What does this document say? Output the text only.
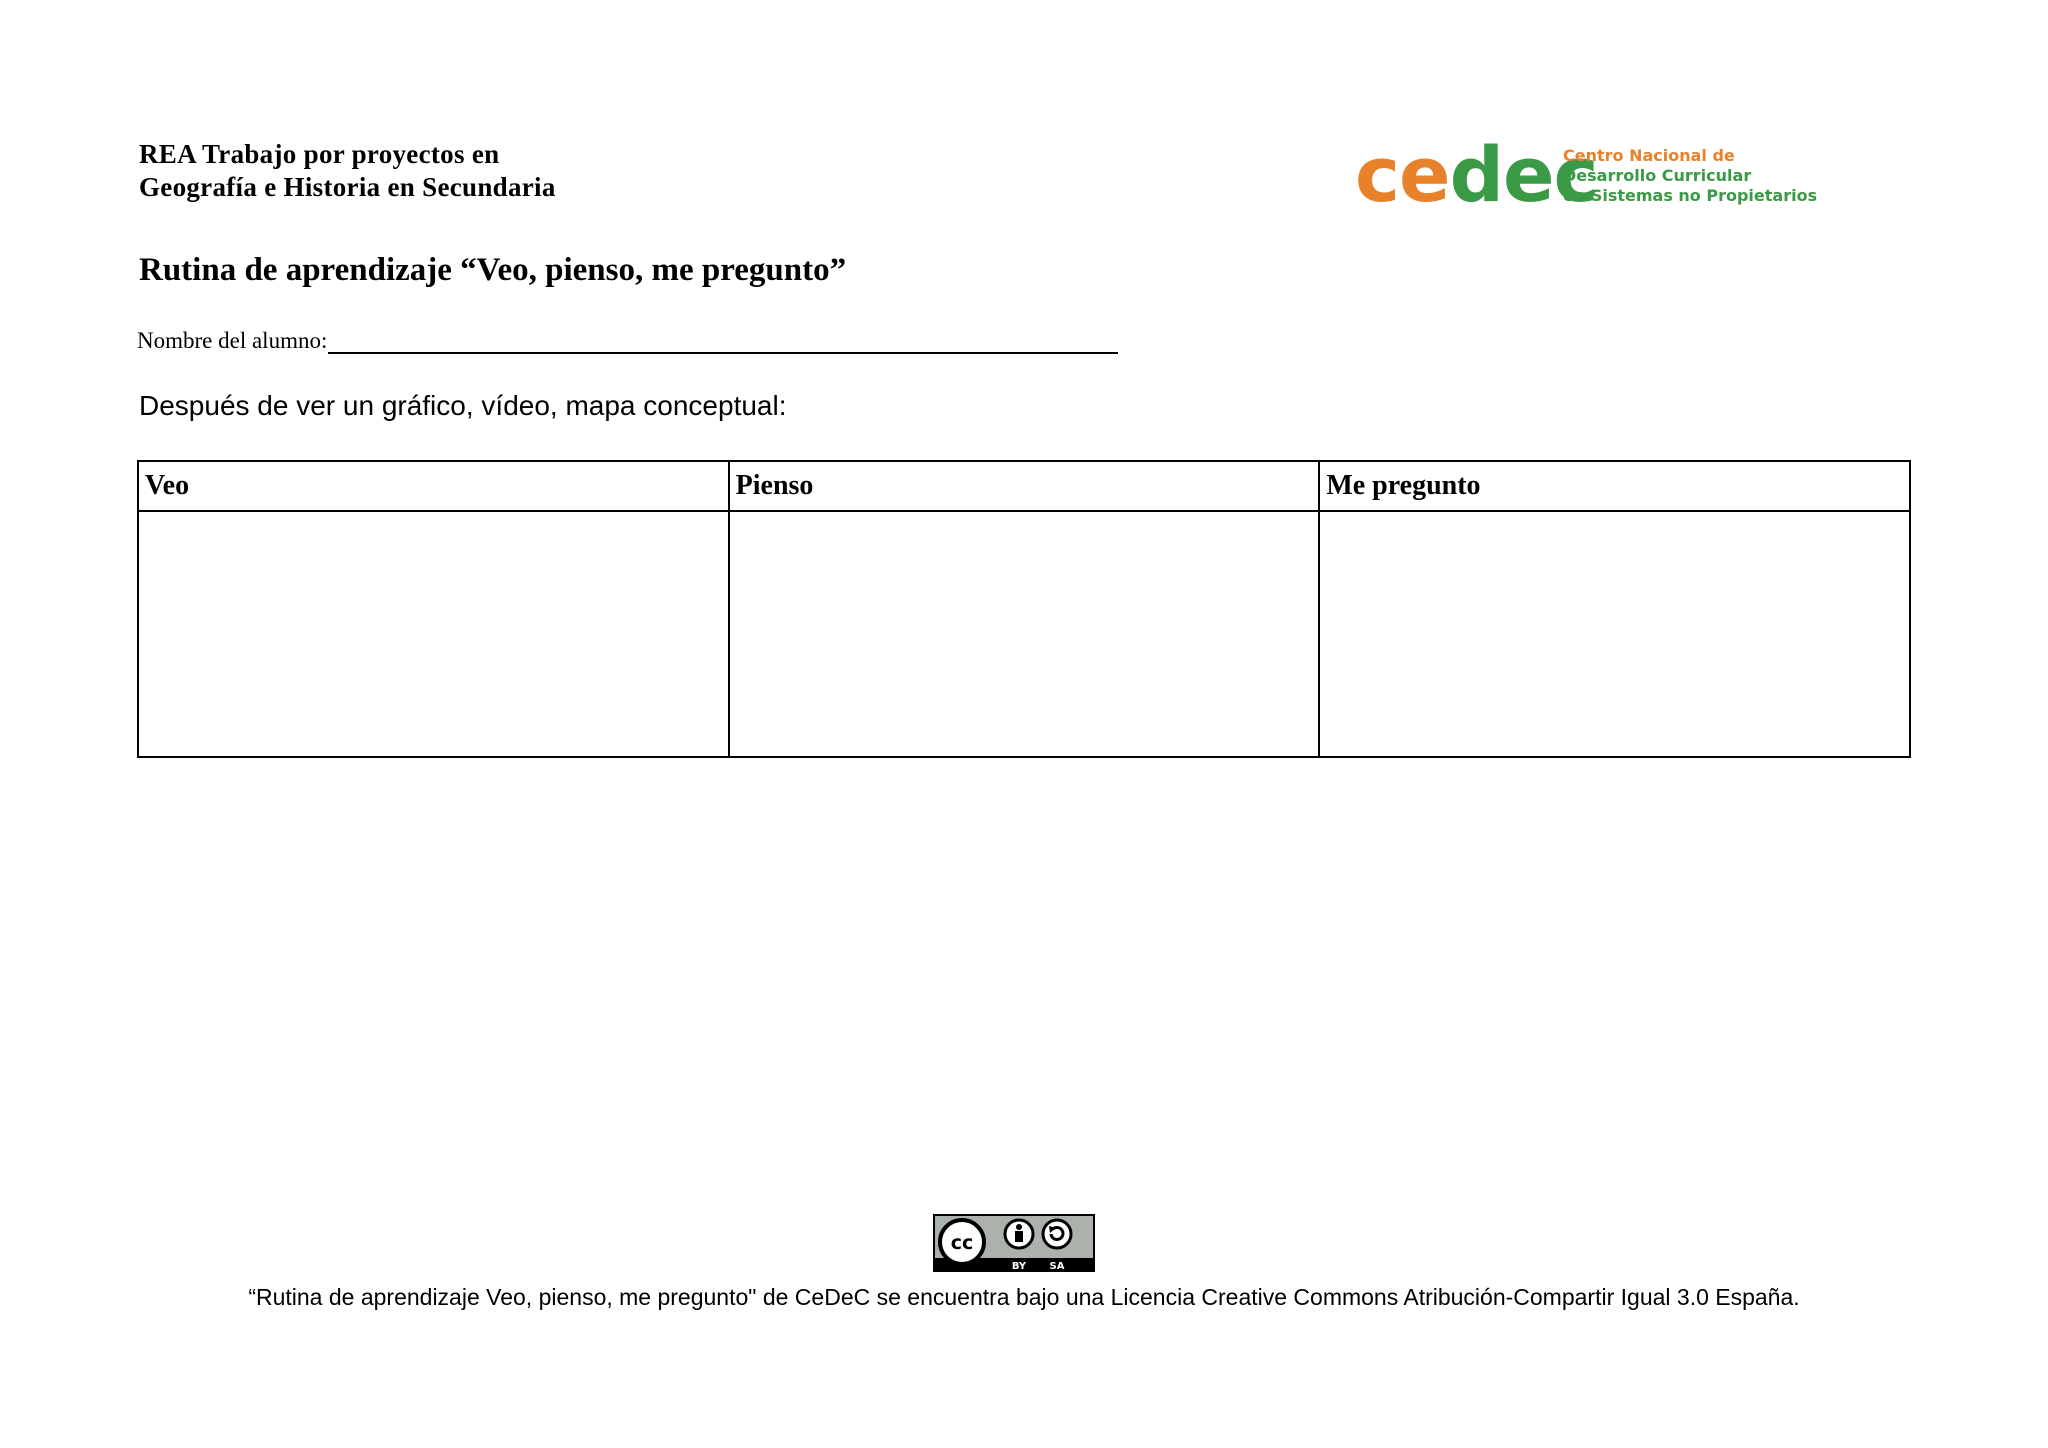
REA Trabajo por proyectos en
Geografía e Historia en Secundaria	cedec
Centro Nacional de
Desarrollo Curricular
en Sistemas no Propietarios
Rutina de aprendizaje “Veo, pienso, me pregunto”
Nombre del alumno:
Después de ver un gráfico, vídeo, mapa conceptual:
Veo	Pienso	Me pregunto

cc
BY SA
“Rutina de aprendizaje Veo, pienso, me pregunto" de CeDeC se encuentra bajo una Licencia Creative Commons Atribución-Compartir Igual 3.0 España.
